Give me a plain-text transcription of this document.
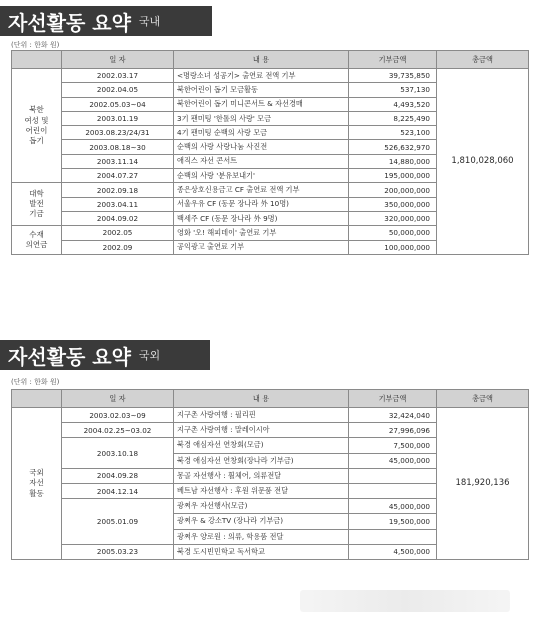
자선활동 요약 국내
(단위 : 한화 원)
	일 자	내 용	기부금액	총금액
북한
여성 및
어린이
돕기	2002.03.17	<명랑소녀 성공기> 출연료 전액 기부	39,735,850	1,810,028,060
	2002.04.05	북한어린이 돕기 모금활동	537,130	
	2002.05.03~04	북한어린이 돕기 미니콘서트 & 자선경매	4,493,520	
	2003.01.19	3기 팬미팅 '한톨의 사랑' 모금	8,225,490	
	2003.08.23/24/31	4기 팬미팅 순백의 사랑 모금	523,100	
	2003.08.18~30	순백의 사랑 사랑나눔 사진전	526,632,970	
	2003.11.14	애직스 자선 콘서트	14,880,000	
	2004.07.27	순백의 사랑 '분유보내기'	195,000,000	
대학
발전
기금	2002.09.18	종은상호신용금고 CF 출연료 전액 기부	200,000,000	
	2003.04.11	서울우유 CF (동문 장나라 外 10명)	350,000,000	
	2004.09.02	백세주 CF (동문 장나라 外 9명)	320,000,000	
수재
의연금	2002.05	영화 '오! 해피데이' 출연료 기부	50,000,000	
	2002.09	공익광고 출연료 기부	100,000,000	
자선활동 요약 국외
(단위 : 한화 원)
	일 자	내 용	기부금액	총금액
국외
자선
활동	2003.02.03~09	지구촌 사랑여행 : 필리핀	32,424,040	181,920,136
	2004.02.25~03.02	지구촌 사랑여행 : 말레이시아	27,996,096	
	2003.10.18	북경 애심자선 연창회(모금)	7,500,000	
		북경 애심자선 연창회(장나라 기부금)	45,000,000	
	2004.09.28	몽골 자선행사 : 휠체어, 의류전달		
	2004.12.14	베트남 자선행사 : 후원 위문품 전달		
	2005.01.09	광쩌우 자선행사(모금)	45,000,000	
		광쩌우 & 강소TV (장나라 기부금)	19,500,000	
		광쩌우 양로원 : 의류, 학용품 전달		
	2005.03.23	북경 도시빈민학교 독서학교	4,500,000	
